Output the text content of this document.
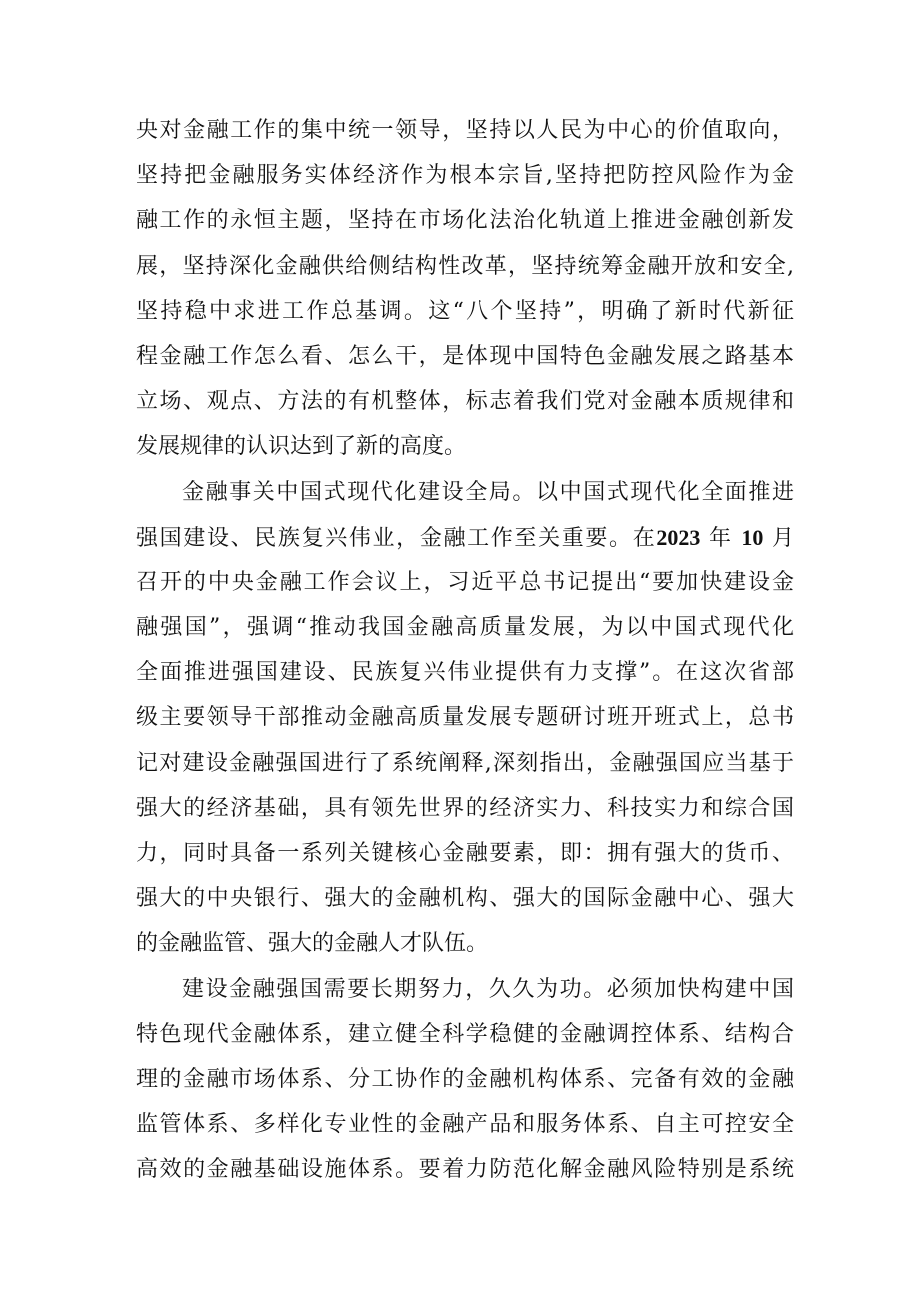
央对金融工作的集中统一领导，坚持以人民为中心的价值取向，
坚持把金融服务实体经济作为根本宗旨,坚持把防控风险作为金
融工作的永恒主题，坚持在市场化法治化轨道上推进金融创新发
展，坚持深化金融供给侧结构性改革，坚持统筹金融开放和安全,
坚持稳中求进工作总基调。这“八个坚持”，明确了新时代新征
程金融工作怎么看、怎么干，是体现中国特色金融发展之路基本
立场、观点、方法的有机整体，标志着我们党对金融本质规律和
发展规律的认识达到了新的高度。
金融事关中国式现代化建设全局。以中国式现代化全面推进
强国建设、民族复兴伟业，金融工作至关重要。在2023 年 10 月
召开的中央金融工作会议上，习近平总书记提出“要加快建设金
融强国”，强调“推动我国金融高质量发展，为以中国式现代化
全面推进强国建设、民族复兴伟业提供有力支撑”。在这次省部
级主要领导干部推动金融高质量发展专题研讨班开班式上，总书
记对建设金融强国进行了系统阐释,深刻指出，金融强国应当基于
强大的经济基础，具有领先世界的经济实力、科技实力和综合国
力，同时具备一系列关键核心金融要素，即：拥有强大的货币、
强大的中央银行、强大的金融机构、强大的国际金融中心、强大
的金融监管、强大的金融人才队伍。
建设金融强国需要长期努力，久久为功。必须加快构建中国
特色现代金融体系，建立健全科学稳健的金融调控体系、结构合
理的金融市场体系、分工协作的金融机构体系、完备有效的金融
监管体系、多样化专业性的金融产品和服务体系、自主可控安全
高效的金融基础设施体系。要着力防范化解金融风险特别是系统
